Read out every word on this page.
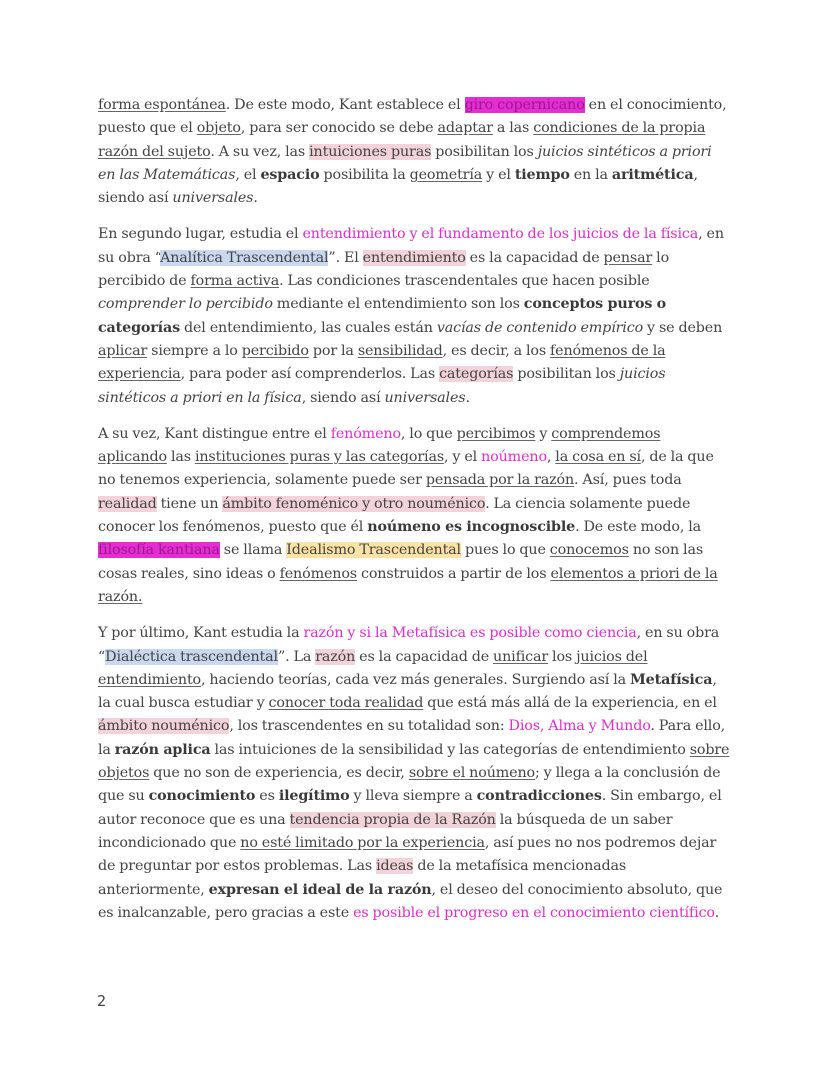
forma espontánea. De este modo, Kant establece el giro copernicano en el conocimiento, puesto que el objeto, para ser conocido se debe adaptar a las condiciones de la propia razón del sujeto. A su vez, las intuiciones puras posibilitan los juicios sintéticos a priori en las Matemáticas, el espacio posibilita la geometría y el tiempo en la aritmética, siendo así universales.

En segundo lugar, estudia el entendimiento y el fundamento de los juicios de la física, en su obra “Analítica Trascendental”. El entendimiento es la capacidad de pensar lo percibido de forma activa. Las condiciones trascendentales que hacen posible comprender lo percibido mediante el entendimiento son los conceptos puros o categorías del entendimiento, las cuales están vacías de contenido empírico y se deben aplicar siempre a lo percibido por la sensibilidad, es decir, a los fenómenos de la experiencia, para poder así comprenderlos. Las categorías posibilitan los juicios sintéticos a priori en la física, siendo así universales.

A su vez, Kant distingue entre el fenómeno, lo que percibimos y comprendemos aplicando las instituciones puras y las categorías, y el noúmeno, la cosa en sí, de la que no tenemos experiencia, solamente puede ser pensada por la razón. Así, pues toda realidad tiene un ámbito fenoménico y otro nouménico. La ciencia solamente puede conocer los fenómenos, puesto que él noúmeno es incognoscible. De este modo, la filosofía kantiana se llama Idealismo Trascendental pues lo que conocemos no son las cosas reales, sino ideas o fenómenos construidos a partir de los elementos a priori de la razón.

Y por último, Kant estudia la razón y si la Metafísica es posible como ciencia, en su obra “Dialéctica trascendental”. La razón es la capacidad de unificar los juicios del entendimiento, haciendo teorías, cada vez más generales. Surgiendo así la Metafísica, la cual busca estudiar y conocer toda realidad que está más allá de la experiencia, en el ámbito nouménico, los trascendentes en su totalidad son: Dios, Alma y Mundo. Para ello, la razón aplica las intuiciones de la sensibilidad y las categorías de entendimiento sobre objetos que no son de experiencia, es decir, sobre el noúmeno; y llega a la conclusión de que su conocimiento es ilegítimo y lleva siempre a contradicciones. Sin embargo, el autor reconoce que es una tendencia propia de la Razón la búsqueda de un saber incondicionado que no esté limitado por la experiencia, así pues no nos podremos dejar de preguntar por estos problemas. Las ideas de la metafísica mencionadas anteriormente, expresan el ideal de la razón, el deseo del conocimiento absoluto, que es inalcanzable, pero gracias a este es posible el progreso en el conocimiento científico.

2
